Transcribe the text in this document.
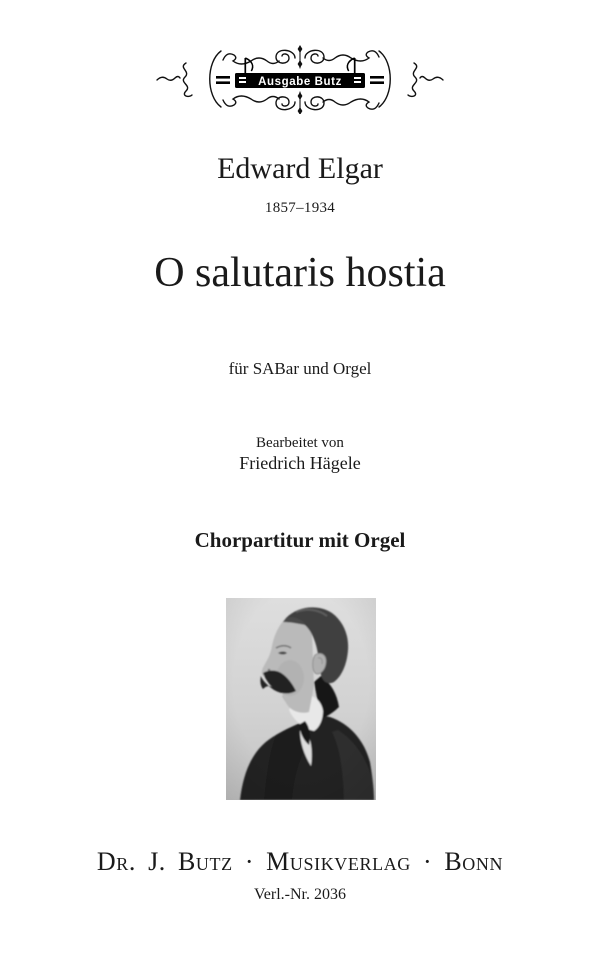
Ausgabe Butz
Edward Elgar
1857–1934
O salutaris hostia
für SABar und Orgel
Bearbeitet von
Friedrich Hägele
Chorpartitur mit Orgel
Dr. J. Butz · Musikverlag · Bonn
Verl.-Nr. 2036
